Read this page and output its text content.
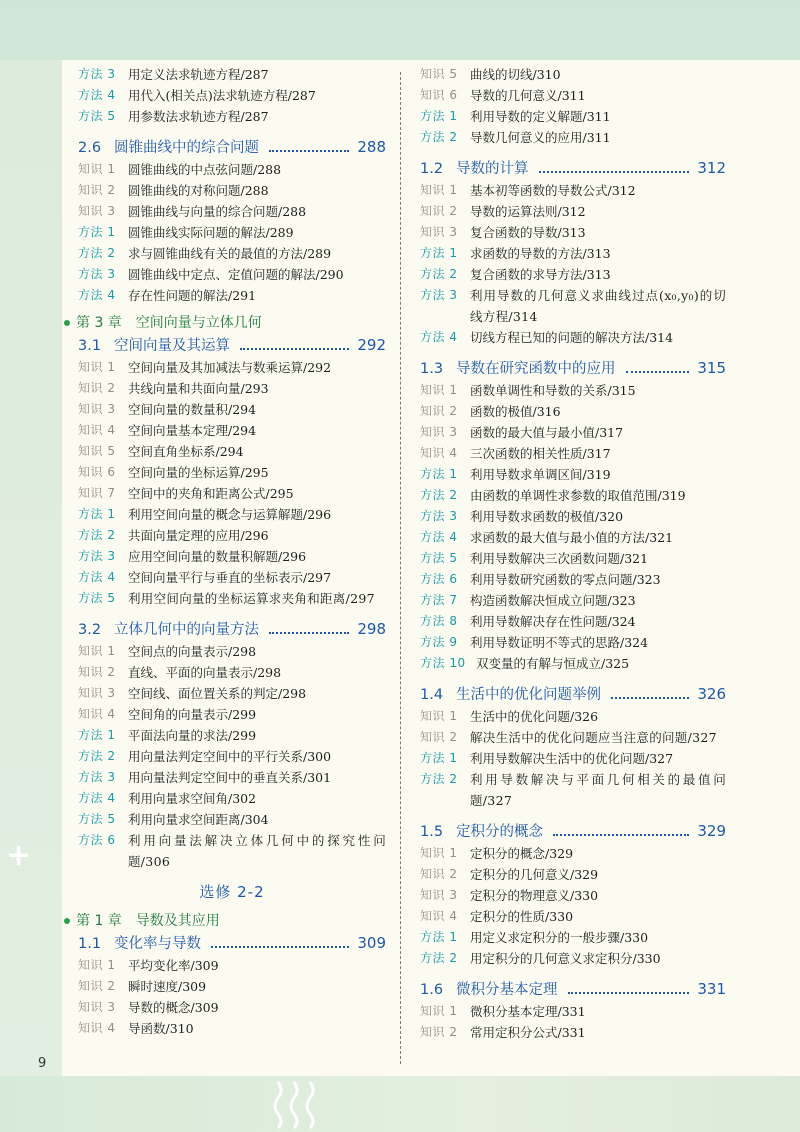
+
9
方法 3	用定义法求轨迹方程/287
方法 4	用代入(相关点)法求轨迹方程/287
方法 5	用参数法求轨迹方程/287
2.6 圆锥曲线中的综合问题	288
知识 1	圆锥曲线的中点弦问题/288
知识 2	圆锥曲线的对称问题/288
知识 3	圆锥曲线与向量的综合问题/288
方法 1	圆锥曲线实际问题的解法/289
方法 2	求与圆锥曲线有关的最值的方法/289
方法 3	圆锥曲线中定点、定值问题的解法/290
方法 4	存在性问题的解法/291
第 3 章　空间向量与立体几何
3.1 空间向量及其运算	292
知识 1	空间向量及其加减法与数乘运算/292
知识 2	共线向量和共面向量/293
知识 3	空间向量的数量积/294
知识 4	空间向量基本定理/294
知识 5	空间直角坐标系/294
知识 6	空间向量的坐标运算/295
知识 7	空间中的夹角和距离公式/295
方法 1	利用空间向量的概念与运算解题/296
方法 2	共面向量定理的应用/296
方法 3	应用空间向量的数量积解题/296
方法 4	空间向量平行与垂直的坐标表示/297
方法 5	利用空间向量的坐标运算求夹角和距离/297
3.2 立体几何中的向量方法	298
知识 1	空间点的向量表示/298
知识 2	直线、平面的向量表示/298
知识 3	空间线、面位置关系的判定/298
知识 4	空间角的向量表示/299
方法 1	平面法向量的求法/299
方法 2	用向量法判定空间中的平行关系/300
方法 3	用向量法判定空间中的垂直关系/301
方法 4	利用向量求空间角/302
方法 5	利用向量求空间距离/304
方法 6	利用向量法解决立体几何中的探究性问题/306
选修 2-2
第 1 章　导数及其应用
1.1 变化率与导数	309
知识 1	平均变化率/309
知识 2	瞬时速度/309
知识 3	导数的概念/309
知识 4	导函数/310
知识 5	曲线的切线/310
知识 6	导数的几何意义/311
方法 1	利用导数的定义解题/311
方法 2	导数几何意义的应用/311
1.2 导数的计算	312
知识 1	基本初等函数的导数公式/312
知识 2	导数的运算法则/312
知识 3	复合函数的导数/313
方法 1	求函数的导数的方法/313
方法 2	复合函数的求导方法/313
方法 3	利用导数的几何意义求曲线过点(x₀,y₀)的切线方程/314
方法 4	切线方程已知的问题的解决方法/314
1.3 导数在研究函数中的应用	315
知识 1	函数单调性和导数的关系/315
知识 2	函数的极值/316
知识 3	函数的最大值与最小值/317
知识 4	三次函数的相关性质/317
方法 1	利用导数求单调区间/319
方法 2	由函数的单调性求参数的取值范围/319
方法 3	利用导数求函数的极值/320
方法 4	求函数的最大值与最小值的方法/321
方法 5	利用导数解决三次函数问题/321
方法 6	利用导数研究函数的零点问题/323
方法 7	构造函数解决恒成立问题/323
方法 8	利用导数解决存在性问题/324
方法 9	利用导数证明不等式的思路/324
方法 10 双变量的有解与恒成立/325
1.4 生活中的优化问题举例	326
知识 1	生活中的优化问题/326
知识 2	解决生活中的优化问题应当注意的问题/327
方法 1	利用导数解决生活中的优化问题/327
方法 2	利用导数解决与平面几何相关的最值问题/327
1.5 定积分的概念	329
知识 1	定积分的概念/329
知识 2	定积分的几何意义/329
知识 3	定积分的物理意义/330
知识 4	定积分的性质/330
方法 1	用定义求定积分的一般步骤/330
方法 2	用定积分的几何意义求定积分/330
1.6 微积分基本定理	331
知识 1	微积分基本定理/331
知识 2	常用定积分公式/331
